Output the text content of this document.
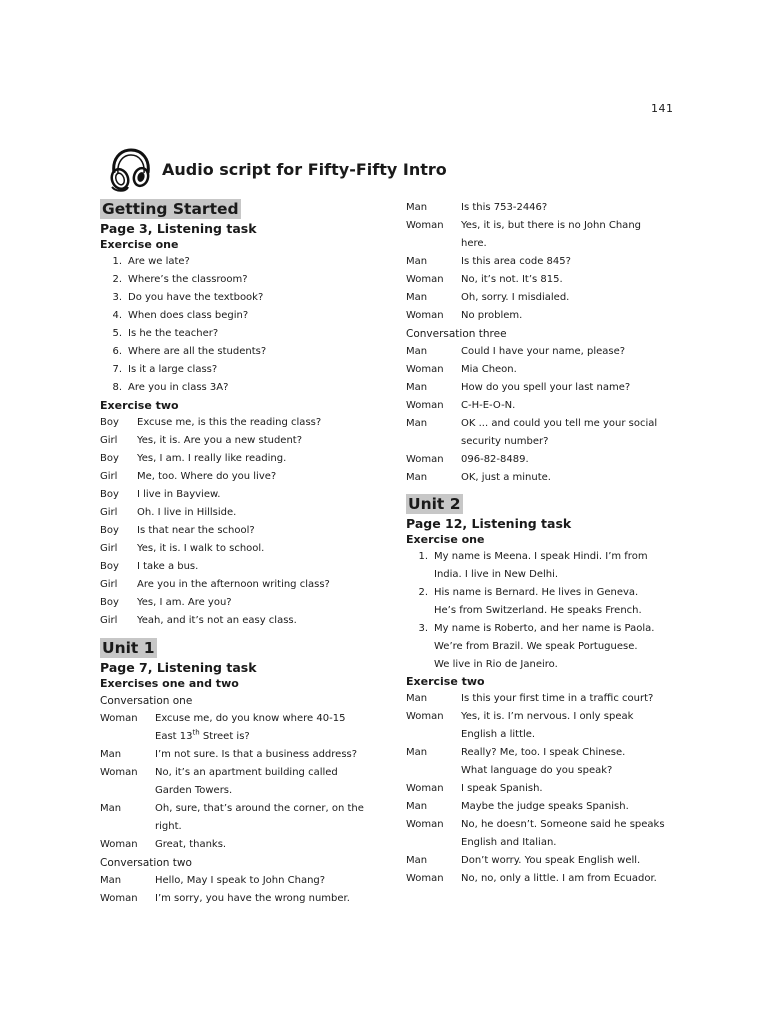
141
Audio script for Fifty-Fifty Intro
Getting Started
Page 3, Listening task
Exercise one
1. Are we late?
2. Where’s the classroom?
3. Do you have the textbook?
4. When does class begin?
5. Is he the teacher?
6. Where are all the students?
7. Is it a large class?
8. Are you in class 3A?
Exercise two
Boy	Excuse me, is this the reading class?
Girl	Yes, it is. Are you a new student?
Boy	Yes, I am. I really like reading.
Girl	Me, too. Where do you live?
Boy	I live in Bayview.
Girl	Oh. I live in Hillside.
Boy	Is that near the school?
Girl	Yes, it is. I walk to school.
Boy	I take a bus.
Girl	Are you in the afternoon writing class?
Boy	Yes, I am. Are you?
Girl	Yeah, and it’s not an easy class.
Unit 1
Page 7, Listening task
Exercises one and two
Conversation one
Woman	Excuse me, do you know where 40-15
East 13th Street is?
Man	I’m not sure. Is that a business address?
Woman	No, it’s an apartment building called
Garden Towers.
Man	Oh, sure, that’s around the corner, on the
right.
Woman	Great, thanks.
Conversation two
Man	Hello, May I speak to John Chang?
Woman	I’m sorry, you have the wrong number.
Man	Is this 753-2446?
Woman	Yes, it is, but there is no John Chang
here.
Man	Is this area code 845?
Woman	No, it’s not. It’s 815.
Man	Oh, sorry. I misdialed.
Woman	No problem.
Conversation three
Man	Could I have your name, please?
Woman	Mia Cheon.
Man	How do you spell your last name?
Woman	C-H-E-O-N.
Man	OK ... and could you tell me your social
security number?
Woman	096-82-8489.
Man	OK, just a minute.
Unit 2
Page 12, Listening task
Exercise one
1. My name is Meena. I speak Hindi. I’m from
India. I live in New Delhi.
2. His name is Bernard. He lives in Geneva.
He’s from Switzerland. He speaks French.
3. My name is Roberto, and her name is Paola.
We’re from Brazil. We speak Portuguese.
We live in Rio de Janeiro.
Exercise two
Man	Is this your first time in a traffic court?
Woman	Yes, it is. I’m nervous. I only speak
English a little.
Man	Really? Me, too. I speak Chinese.
What language do you speak?
Woman	I speak Spanish.
Man	Maybe the judge speaks Spanish.
Woman	No, he doesn’t. Someone said he speaks
English and Italian.
Man	Don’t worry. You speak English well.
Woman	No, no, only a little. I am from Ecuador.
